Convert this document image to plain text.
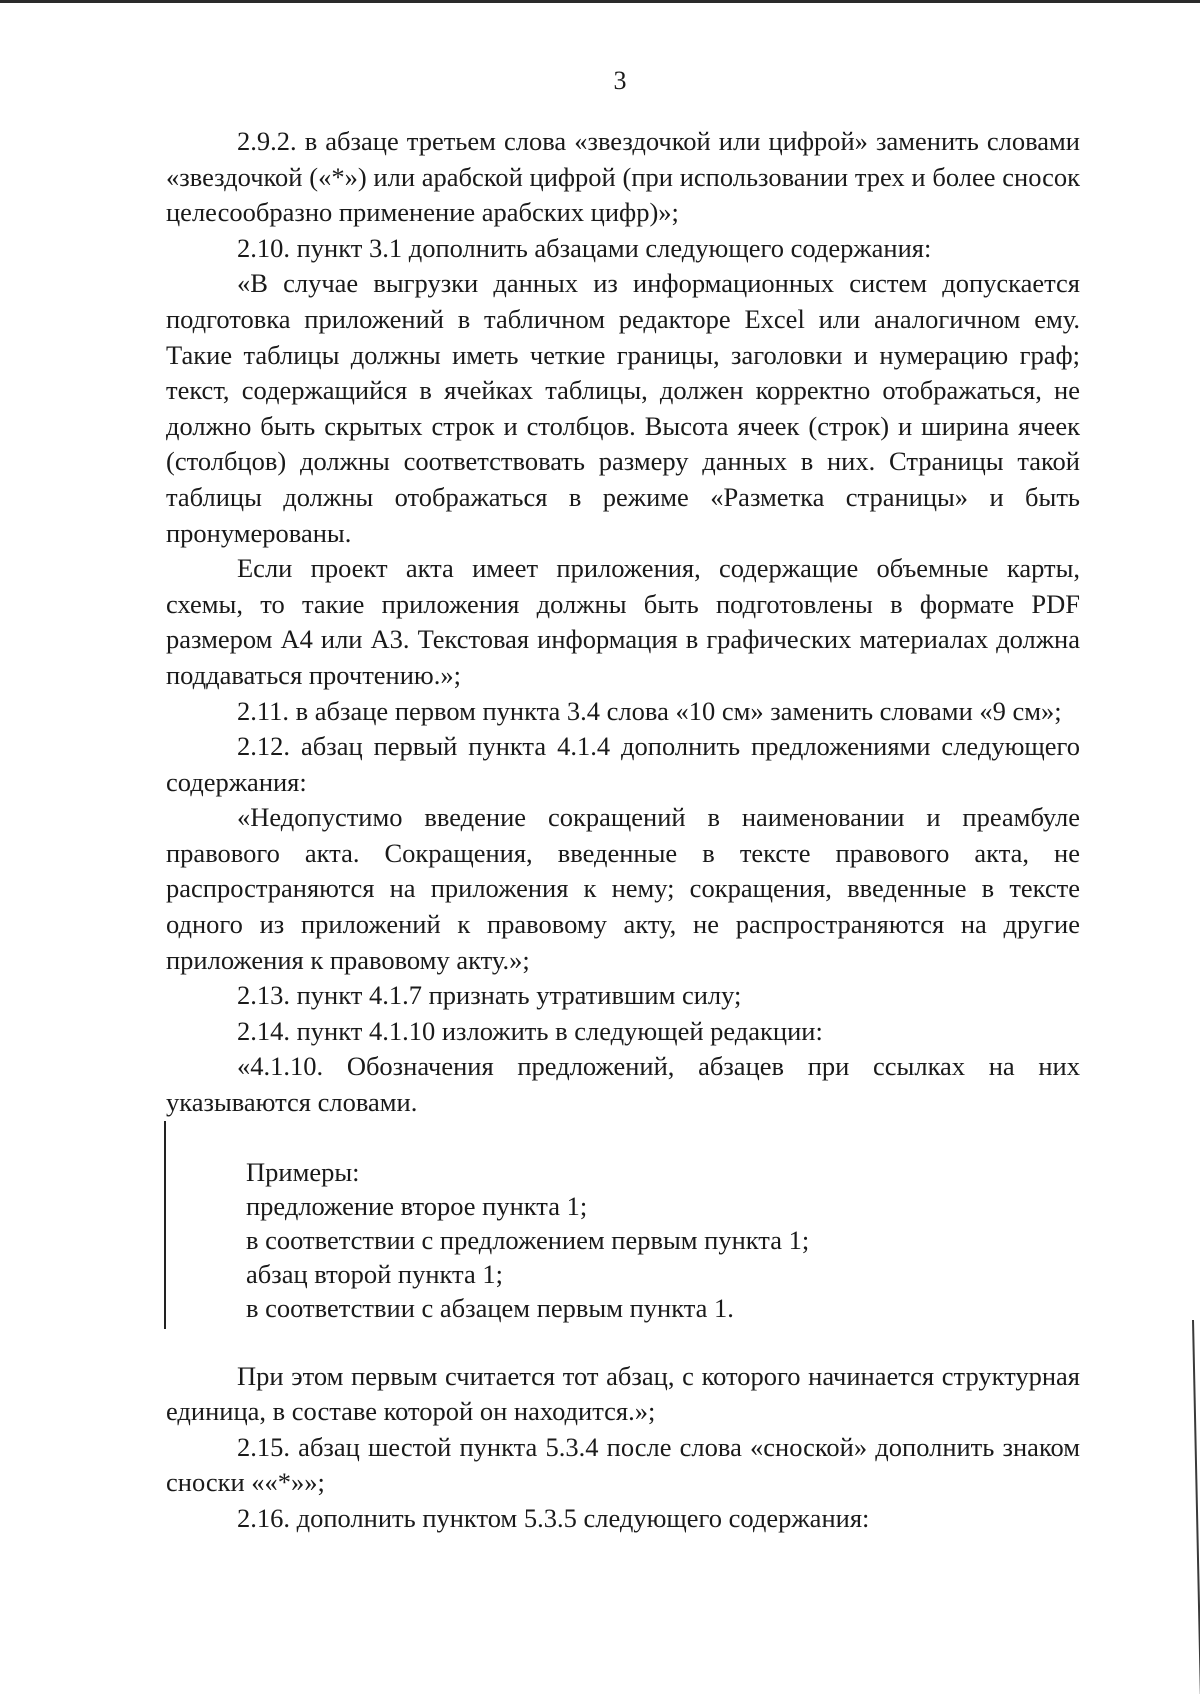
3

2.9.2. в абзаце третьем слова «звездочкой или цифрой» заменить словами «звездочкой («*») или арабской цифрой (при использовании трех и более сносок целесообразно применение арабских цифр)»;

2.10. пункт 3.1 дополнить абзацами следующего содержания:

«В случае выгрузки данных из информационных систем допускается подготовка приложений в табличном редакторе Excel или аналогичном ему. Такие таблицы должны иметь четкие границы, заголовки и нумерацию граф; текст, содержащийся в ячейках таблицы, должен корректно отображаться, не должно быть скрытых строк и столбцов. Высота ячеек (строк) и ширина ячеек (столбцов) должны соответствовать размеру данных в них. Страницы такой таблицы должны отображаться в режиме «Разметка страницы» и быть пронумерованы.

Если проект акта имеет приложения, содержащие объемные карты, схемы, то такие приложения должны быть подготовлены в формате PDF размером A4 или A3. Текстовая информация в графических материалах должна поддаваться прочтению.»;

2.11. в абзаце первом пункта 3.4 слова «10 см» заменить словами «9 см»;

2.12. абзац первый пункта 4.1.4 дополнить предложениями следующего содержания:

«Недопустимо введение сокращений в наименовании и преамбуле правового акта. Сокращения, введенные в тексте правового акта, не распространяются на приложения к нему; сокращения, введенные в тексте одного из приложений к правовому акту, не распространяются на другие приложения к правовому акту.»;

2.13. пункт 4.1.7 признать утратившим силу;

2.14. пункт 4.1.10 изложить в следующей редакции:

«4.1.10. Обозначения предложений, абзацев при ссылках на них указываются словами.

Примеры:
предложение второе пункта 1;
в соответствии с предложением первым пункта 1;
абзац второй пункта 1;
в соответствии с абзацем первым пункта 1.

При этом первым считается тот абзац, с которого начинается структурная единица, в составе которой он находится.»;

2.15. абзац шестой пункта 5.3.4 после слова «сноской» дополнить знаком сноски ««*»»;

2.16. дополнить пунктом 5.3.5 следующего содержания:
